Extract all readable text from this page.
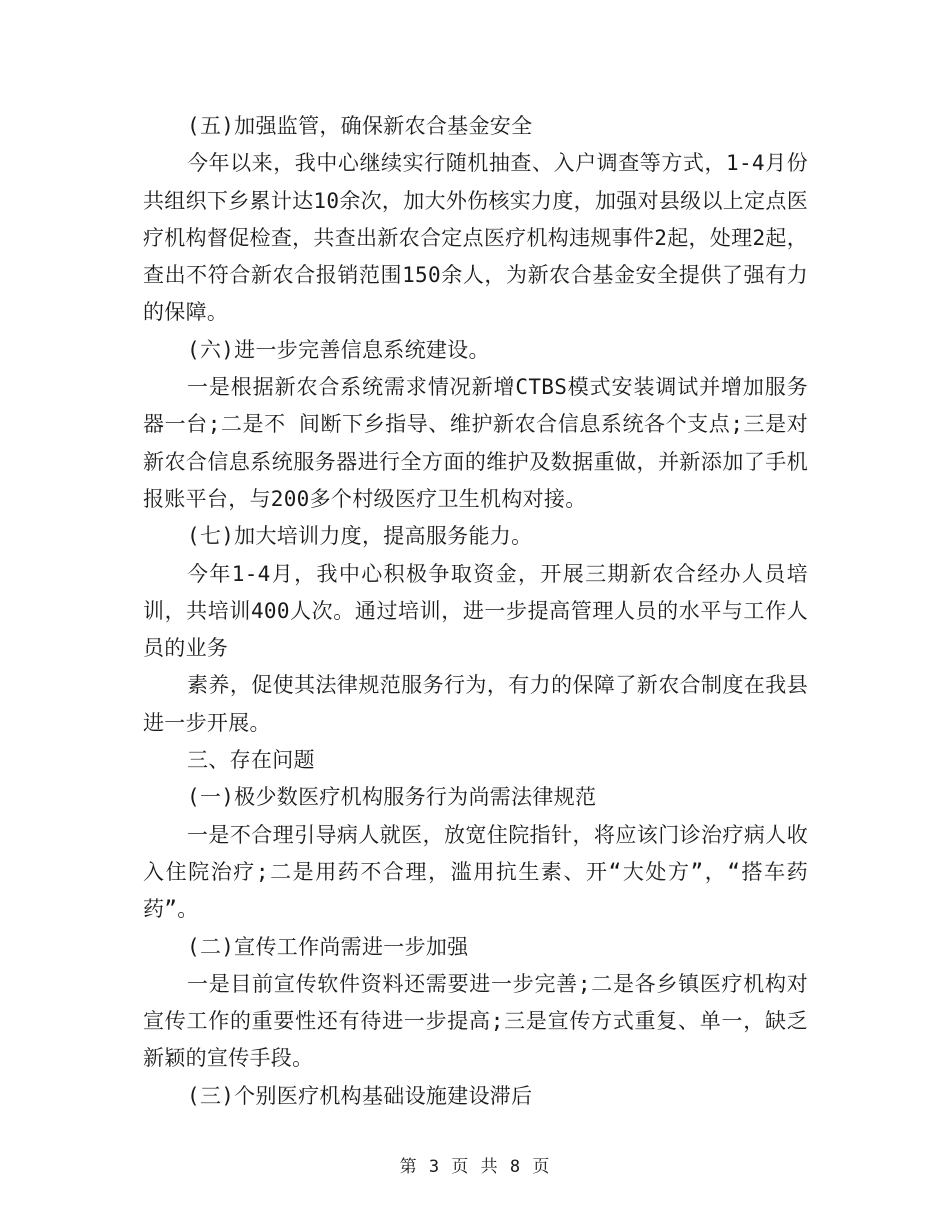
(五)加强监管，确保新农合基金安全

今年以来，我中心继续实行随机抽查、入户调查等方式，1-4月份共组织下乡累计达10余次，加大外伤核实力度，加强对县级以上定点医疗机构督促检查，共查出新农合定点医疗机构违规事件2起，处理2起，查出不符合新农合报销范围150余人，为新农合基金安全提供了强有力的保障。

(六)进一步完善信息系统建设。

一是根据新农合系统需求情况新增CTBS模式安装调试并增加服务器一台;二是不 间断下乡指导、维护新农合信息系统各个支点;三是对新农合信息系统服务器进行全方面的维护及数据重做，并新添加了手机报账平台，与200多个村级医疗卫生机构对接。

(七)加大培训力度，提高服务能力。

今年1-4月，我中心积极争取资金，开展三期新农合经办人员培训，共培训400人次。通过培训，进一步提高管理人员的水平与工作人员的业务

素养，促使其法律规范服务行为，有力的保障了新农合制度在我县进一步开展。

三、存在问题

(一)极少数医疗机构服务行为尚需法律规范

一是不合理引导病人就医，放宽住院指针，将应该门诊治疗病人收入住院治疗;二是用药不合理，滥用抗生素、开“大处方”，“搭车药药”。

(二)宣传工作尚需进一步加强

一是目前宣传软件资料还需要进一步完善;二是各乡镇医疗机构对宣传工作的重要性还有待进一步提高;三是宣传方式重复、单一，缺乏新颖的宣传手段。

(三)个别医疗机构基础设施建设滞后

第 3 页 共 8 页
